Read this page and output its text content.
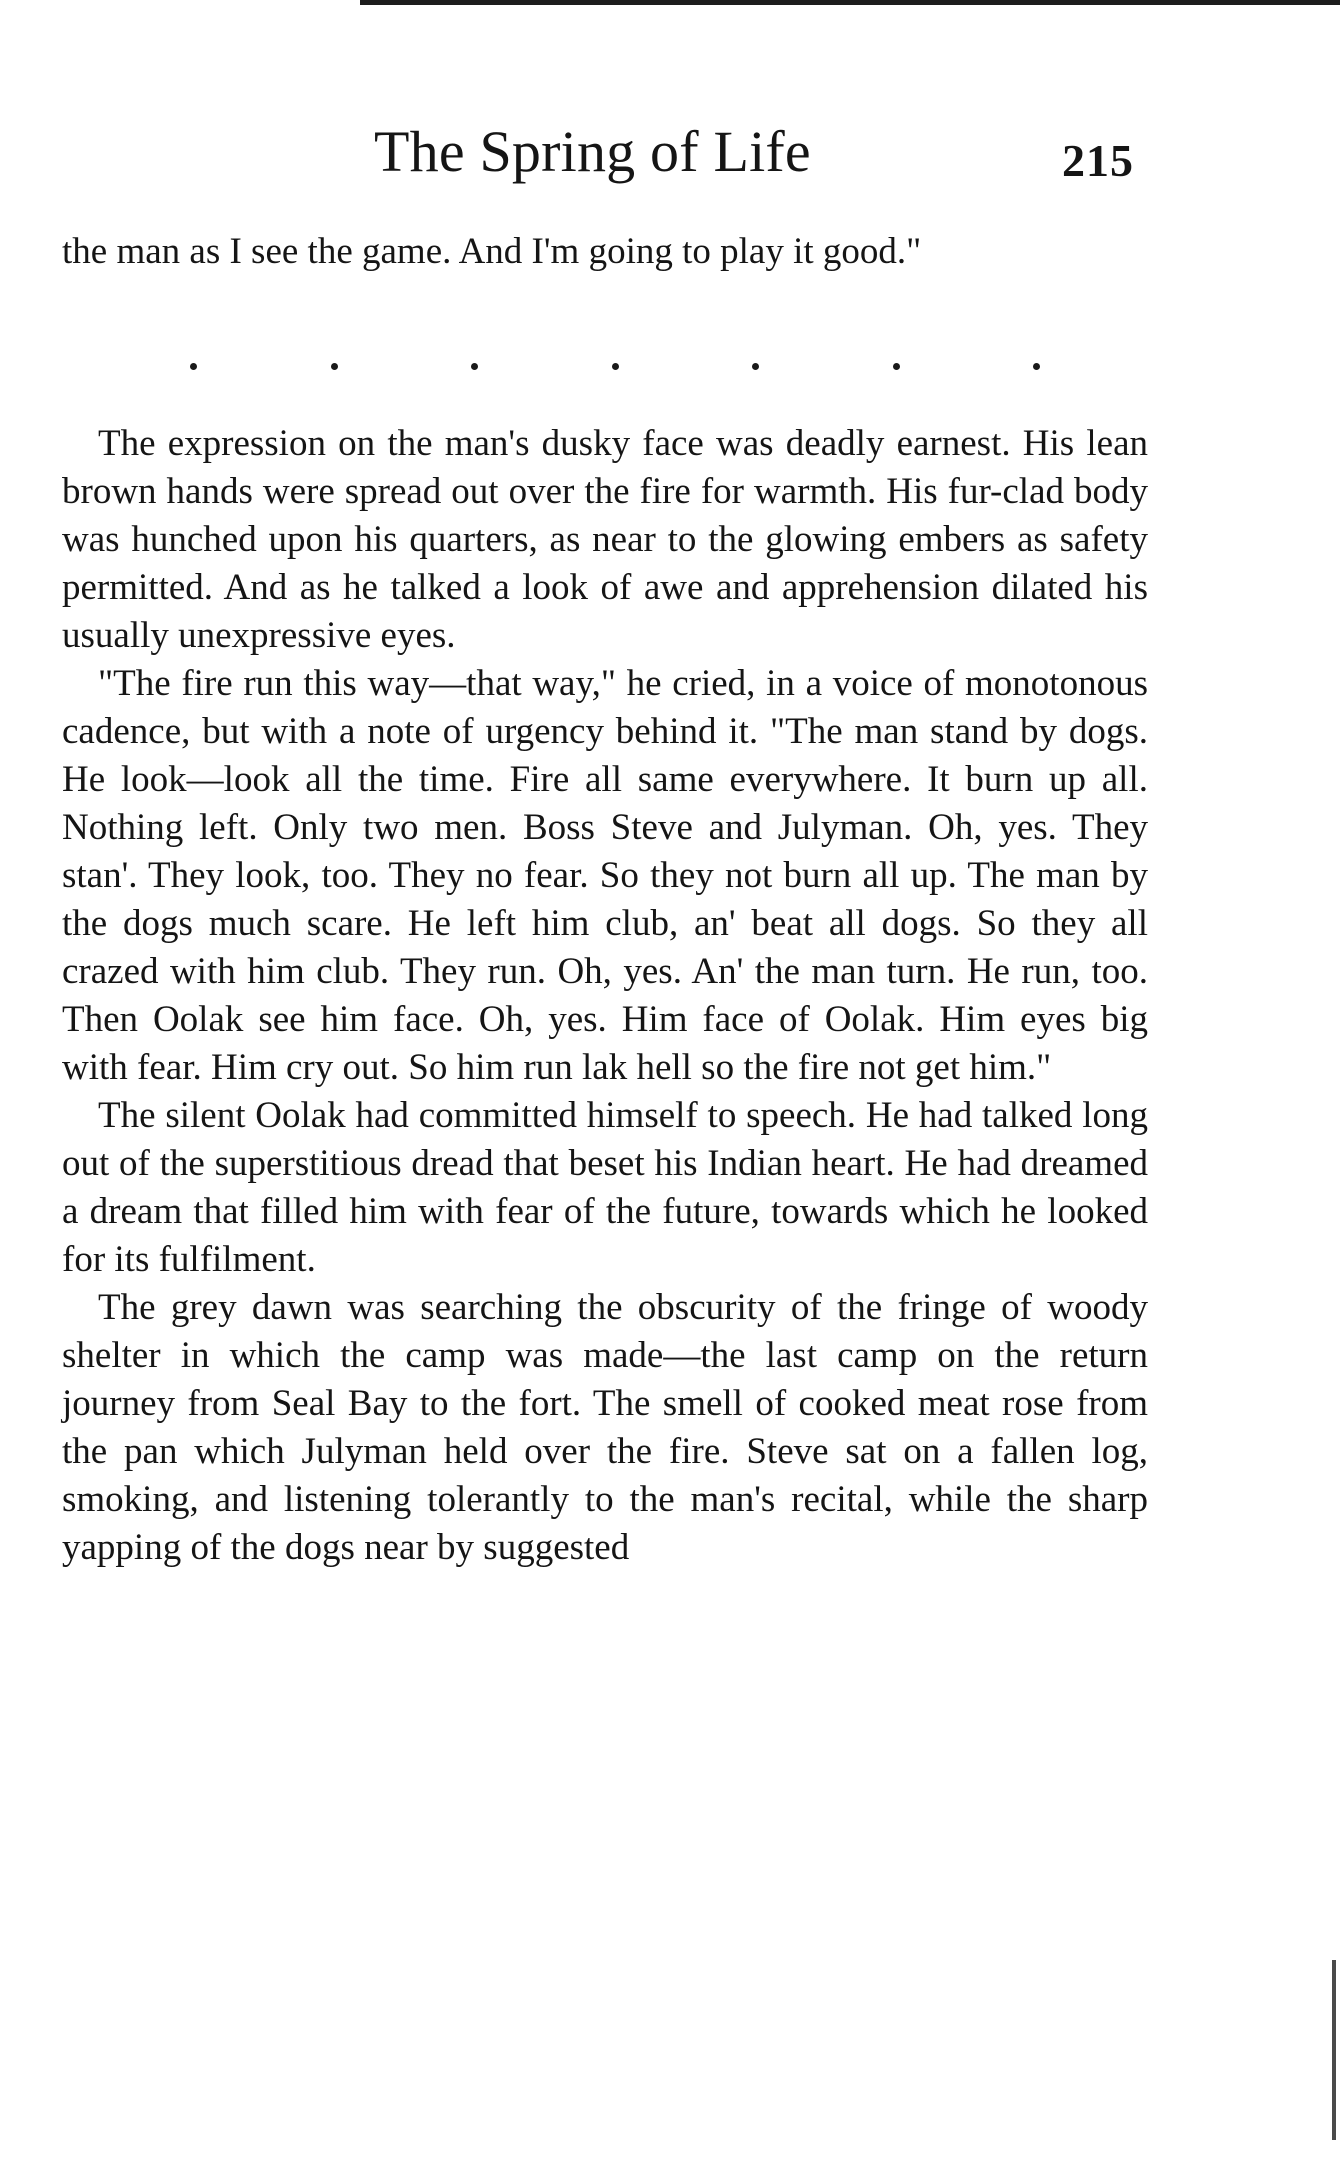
The Spring of Life	215

the man as I see the game. And I'm going to play it good."

The expression on the man's dusky face was deadly earnest. His lean brown hands were spread out over the fire for warmth. His fur-clad body was hunched upon his quarters, as near to the glowing embers as safety permitted. And as he talked a look of awe and apprehension dilated his usually unexpressive eyes.

"The fire run this way—that way," he cried, in a voice of monotonous cadence, but with a note of urgency behind it. "The man stand by dogs. He look—look all the time. Fire all same everywhere. It burn up all. Nothing left. Only two men. Boss Steve and Julyman. Oh, yes. They stan'. They look, too. They no fear. So they not burn all up. The man by the dogs much scare. He left him club, an' beat all dogs. So they all crazed with him club. They run. Oh, yes. An' the man turn. He run, too. Then Oolak see him face. Oh, yes. Him face of Oolak. Him eyes big with fear. Him cry out. So him run lak hell so the fire not get him."

The silent Oolak had committed himself to speech. He had talked long out of the superstitious dread that beset his Indian heart. He had dreamed a dream that filled him with fear of the future, towards which he looked for its fulfilment.

The grey dawn was searching the obscurity of the fringe of woody shelter in which the camp was made—the last camp on the return journey from Seal Bay to the fort. The smell of cooked meat rose from the pan which Julyman held over the fire. Steve sat on a fallen log, smoking, and listening tolerantly to the man's recital, while the sharp yapping of the dogs near by suggested
